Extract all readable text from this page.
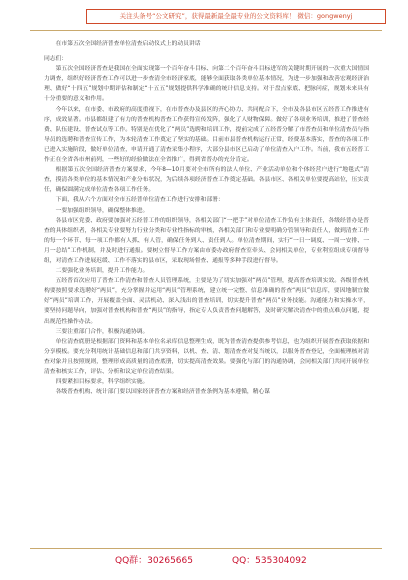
关注头条号“公文研究”，获得最新最全最专业的公文资料库！ 微信：gongwenyj

在市第五次全国经济普查单位清查启动仪式上的动员讲话

同志们：

第五次全国经济普查是我国在全面实现第一个百年奋斗目标、向第二个百年奋斗目标进军的关键时期开展的一次重大国情国力调查，组织好经济普查工作可以进一步查清全市经济家底，能够全面获取各类单位基本情况，为进一步加强和改善宏观经济治理、做好“十四五”规划中期评估和制定“十五五”规划提供科学准确的统计信息支持。对于盘点家底、把脉问症，规划未来具有十分重要的意义和作用。

今年以来，在市委、市政府的高度重视下，在市普查办及县区的齐心协力、共同配合下，全市及各县市区五经普工作推进有序，成效显著。市县都组建了有力的普查机构普查工作获得宣传发阵，强化了人财物保障。做好了各项业务培训，推进了普查经费、队伍建设、普查试点等工作。特别是在优化了“两员”选聘和培训工作，提前完成了五经普分解了市普查员和单位清查员与指导员的选聘和普查宣传工作，为本轮清查工作奠定了坚实的基础。目前市县普查机构运行正常，经费基本落实，普查的各项工作已进入实施阶段，做好单位清查，申请开通了清查采集小程序，大部分县市区已启动了单位清查入户工作。当前，我市五经普工作正在全省各市州前列，一些好的经验做法在全省推广，得到省普办的充分肯定。

根据第五次全国经济普查方案要求，今年8—10月要对全市所有的法人单位、产业活动单位和个体经营户进行“地毯式”清查，摸清各类单位的基本情况和产业分布状况，为后续各项经济普查工作奠定基础。各县市区、各相关单位要提高站位，压实责任，确保圆满完成单位清查各项工作任务。

下面，我从六个方面对全市五经普单位清查工作进行安排和部署：

一要加强组织领导，确保整体推进。

各县市区党委、政府要加强对五经普工作的组织领导，各相关部门“一把手”对单位清查工作负有主体责任，各级经普办是普查的具体组织者，各相关专业要努力行业分类和专业性指标的审核，各相关部门和专业要明确分管领导和责任人，做到清查工作的每一个环节、每一项工作都有人抓、有人管，确保任务到人、责任到人。单位清查期间，实行“一日一调度、一周一安排、一月一总结”工作机制，并及时进行通报。要树立督导工作方案由市委办政府督查室牵头、会同相关单位，专业利室组成专项督导组，对清查工作进展迟缓、工作不落实的县市区，采取现场督查、通报等多种手段进行督导。

二要强化业务培训，提升工作能力。

五经普首次应用了普查工作清查和普查人员管理系统，主要是为了切实加强对“两员”管理，提高普查培训实效。各级普查机构要按照要求选聘好“两员”，充分掌握并运用“两员”管理系统，建立统一完整、信息准确的普查“两员”信息库，要因地制宜做好“两员”培训工作，开展覆盖全面、灵活机动、深入浅出的普查培训，切实提升普查“两员”业务技能。沟通能力和实操水平，要坚持问题导向，加强对普查机构和普查“两员”的指导，指定专人负责普查问题解答，及时研究解决清查中的重点难点问题，提出规范性操作办法。

三要注重部门合作，积极沟通协调。

单位清查底册是根据部门资料和基本单位名录库信息整理生成，既为普查清查提供参考信息，也为组织开展普查获取依据和分享模板。要充分利用统计基础信息和部门共享资料，以机、查、清、划清查查对复当统以，以服务普查登记，全面梳理核对清查对象并且按照规则，整理形成高质量的清查底册，切实提高清查效果。要强化与部门的沟通协调，会同相关部门共同开展单位清查和核实工作，评估、分析和议定单位清查结果。

四要紧扣目标要求，科学组织实施。

各级普查机构、统计部门要以国家经济普查方案和经济普查条例为基本遵循，精心谋

QQ群：30265665	QQ：535304092
